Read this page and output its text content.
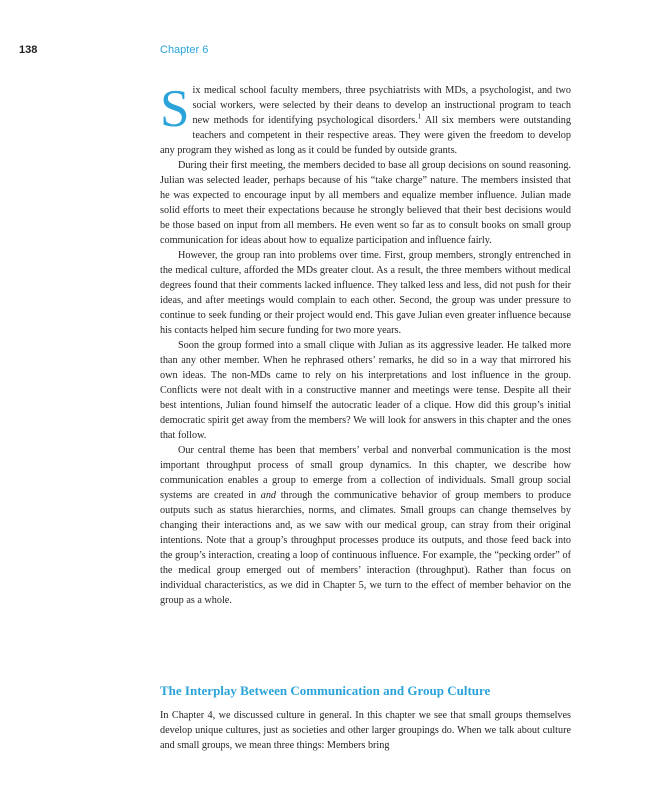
138	Chapter 6

Six medical school faculty members, three psychiatrists with MDs, a psychologist, and two social workers, were selected by their deans to develop an instructional program to teach new methods for identifying psychological disorders.$^1$ All six members were outstanding teachers and competent in their respective areas. They were given the freedom to develop any program they wished as long as it could be funded by outside grants.

During their first meeting, the members decided to base all group decisions on sound reasoning. Julian was selected leader, perhaps because of his “take charge” nature. The members insisted that he was expected to encourage input by all members and equalize member influence. Julian made solid efforts to meet their expectations because he strongly believed that their best decisions would be those based on input from all members. He even went so far as to consult books on small group communication for ideas about how to equalize participation and influence fairly.

However, the group ran into problems over time. First, group members, strongly entrenched in the medical culture, afforded the MDs greater clout. As a result, the three members without medical degrees found that their comments lacked influence. They talked less and less, did not push for their ideas, and after meetings would complain to each other. Second, the group was under pressure to continue to seek funding or their project would end. This gave Julian even greater influence because his contacts helped him secure funding for two more years.

Soon the group formed into a small clique with Julian as its aggressive leader. He talked more than any other member. When he rephrased others’ remarks, he did so in a way that mirrored his own ideas. The non-MDs came to rely on his interpretations and lost influence in the group. Conflicts were not dealt with in a constructive manner and meetings were tense. Despite all their best intentions, Julian found himself the autocratic leader of a clique. How did this group’s initial democratic spirit get away from the members? We will look for answers in this chapter and the ones that follow.

Our central theme has been that members’ verbal and nonverbal communication is the most important throughput process of small group dynamics. In this chapter, we describe how communication enables a group to emerge from a collection of individuals. Small group social systems are created in and through the communicative behavior of group members to produce outputs such as status hierarchies, norms, and climates. Small groups can change themselves by changing their interactions and, as we saw with our medical group, can stray from their original intentions. Note that a group’s throughput processes produce its outputs, and those feed back into the group’s interaction, creating a loop of continuous influence. For example, the “pecking order” of the medical group emerged out of members’ interaction (throughput). Rather than focus on individual characteristics, as we did in Chapter 5, we turn to the effect of member behavior on the group as a whole.

The Interplay Between Communication and Group Culture

In Chapter 4, we discussed culture in general. In this chapter we see that small groups themselves develop unique cultures, just as societies and other larger groupings do. When we talk about culture and small groups, we mean three things: Members bring
